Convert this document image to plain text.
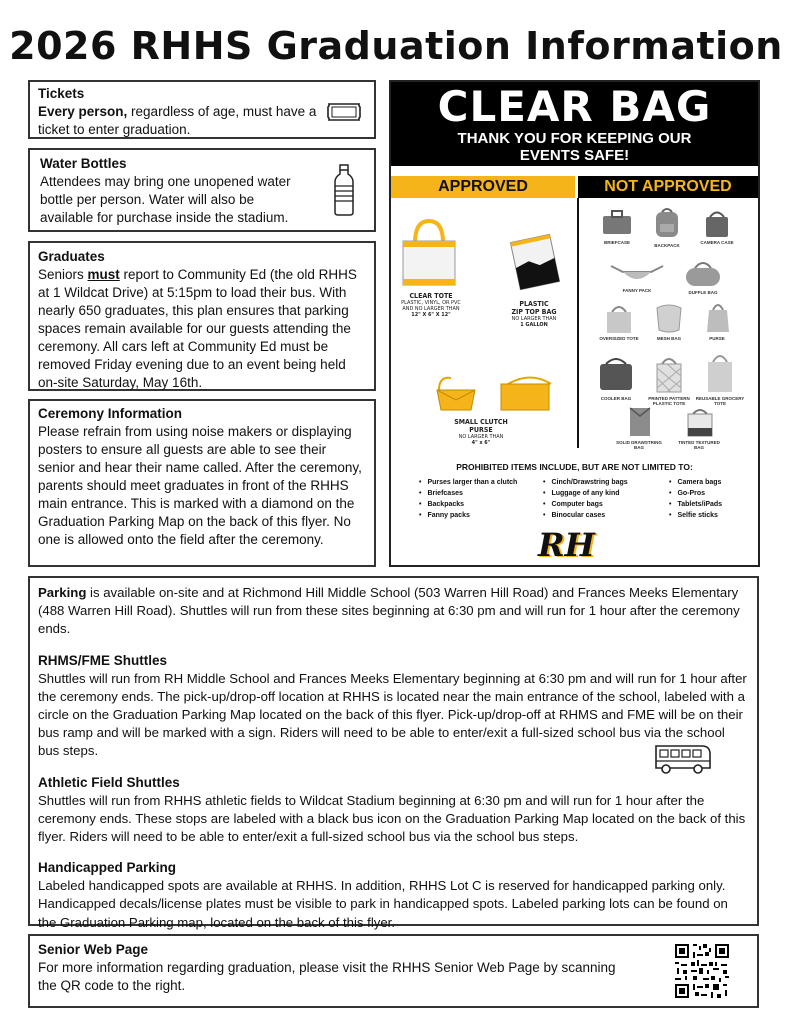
2026 RHHS Graduation Information
Tickets
Every person, regardless of age, must have a ticket to enter graduation.
Water Bottles
Attendees may bring one unopened water bottle per person. Water will also be available for purchase inside the stadium.
Graduates
Seniors must report to Community Ed (the old RHHS at 1 Wildcat Drive) at 5:15pm to load their bus. With nearly 650 graduates, this plan ensures that parking spaces remain available for our guests attending the ceremony. All cars left at Community Ed must be removed Friday evening due to an event being held on-site Saturday, May 16th.
Ceremony Information
Please refrain from using noise makers or displaying posters to ensure all guests are able to see their senior and hear their name called. After the ceremony, parents should meet graduates in front of the RHHS main entrance. This is marked with a diamond on the Graduation Parking Map on the back of this flyer. No one is allowed onto the field after the ceremony.
CLEAR BAG
THANK YOU FOR KEEPING OUR
EVENTS SAFE!
APPROVED	NOT APPROVED
CLEAR TOTE
PLASTIC, VINYL, OR PVC
AND NO LARGER THAN
12" X 6" X 12"
PLASTIC
ZIP TOP BAG
NO LARGER THAN
1 GALLON
SMALL CLUTCH
PURSE
NO LARGER THAN
4" x 6"
BRIEFCASE
BACKPACK
CAMERA CASE
FANNY PACK	DUFFLE BAG
OVERSIZED TOTE	MESH BAG	PURSE
COOLER BAG	PRINTED PATTERN PLASTIC TOTE
REUSABLE GROCERY TOTE
SOLID DRAWSTRING BAG
TINTED TEXTURED BAG
PROHIBITED ITEMS INCLUDE, BUT ARE NOT LIMITED TO:
• Purses larger than a clutch
• Briefcases
• Backpacks
• Fanny packs
• Cinch/Drawstring bags
• Luggage of any kind
• Computer bags
• Binocular cases
• Camera bags
• Go-Pros
• Tablets/iPads
• Selfie sticks
RH
Parking is available on-site and at Richmond Hill Middle School (503 Warren Hill Road) and Frances Meeks Elementary (488 Warren Hill Road). Shuttles will run from these sites beginning at 6:30 pm and will run for 1 hour after the ceremony ends.
RHMS/FME Shuttles
Shuttles will run from RH Middle School and Frances Meeks Elementary beginning at 6:30 pm and will run for 1 hour after the ceremony ends. The pick-up/drop-off location at RHHS is located near the main entrance of the school, labeled with a circle on the Graduation Parking Map located on the back of this flyer. Pick-up/drop-off at RHMS and FME will be on their bus ramp and will be marked with a sign. Riders will need to be able to enter/exit a full-sized school bus via the school bus steps.
Athletic Field Shuttles
Shuttles will run from RHHS athletic fields to Wildcat Stadium beginning at 6:30 pm and will run for 1 hour after the ceremony ends. These stops are labeled with a black bus icon on the Graduation Parking Map located on the back of this flyer. Riders will need to be able to enter/exit a full-sized school bus via the school bus steps.
Handicapped Parking
Labeled handicapped spots are available at RHHS. In addition, RHHS Lot C is reserved for handicapped parking only. Handicapped decals/license plates must be visible to park in handicapped spots. Labeled parking lots can be found on the Graduation Parking map, located on the back of this flyer.
Senior Web Page
For more information regarding graduation, please visit the RHHS Senior Web Page by scanning the QR code to the right.
